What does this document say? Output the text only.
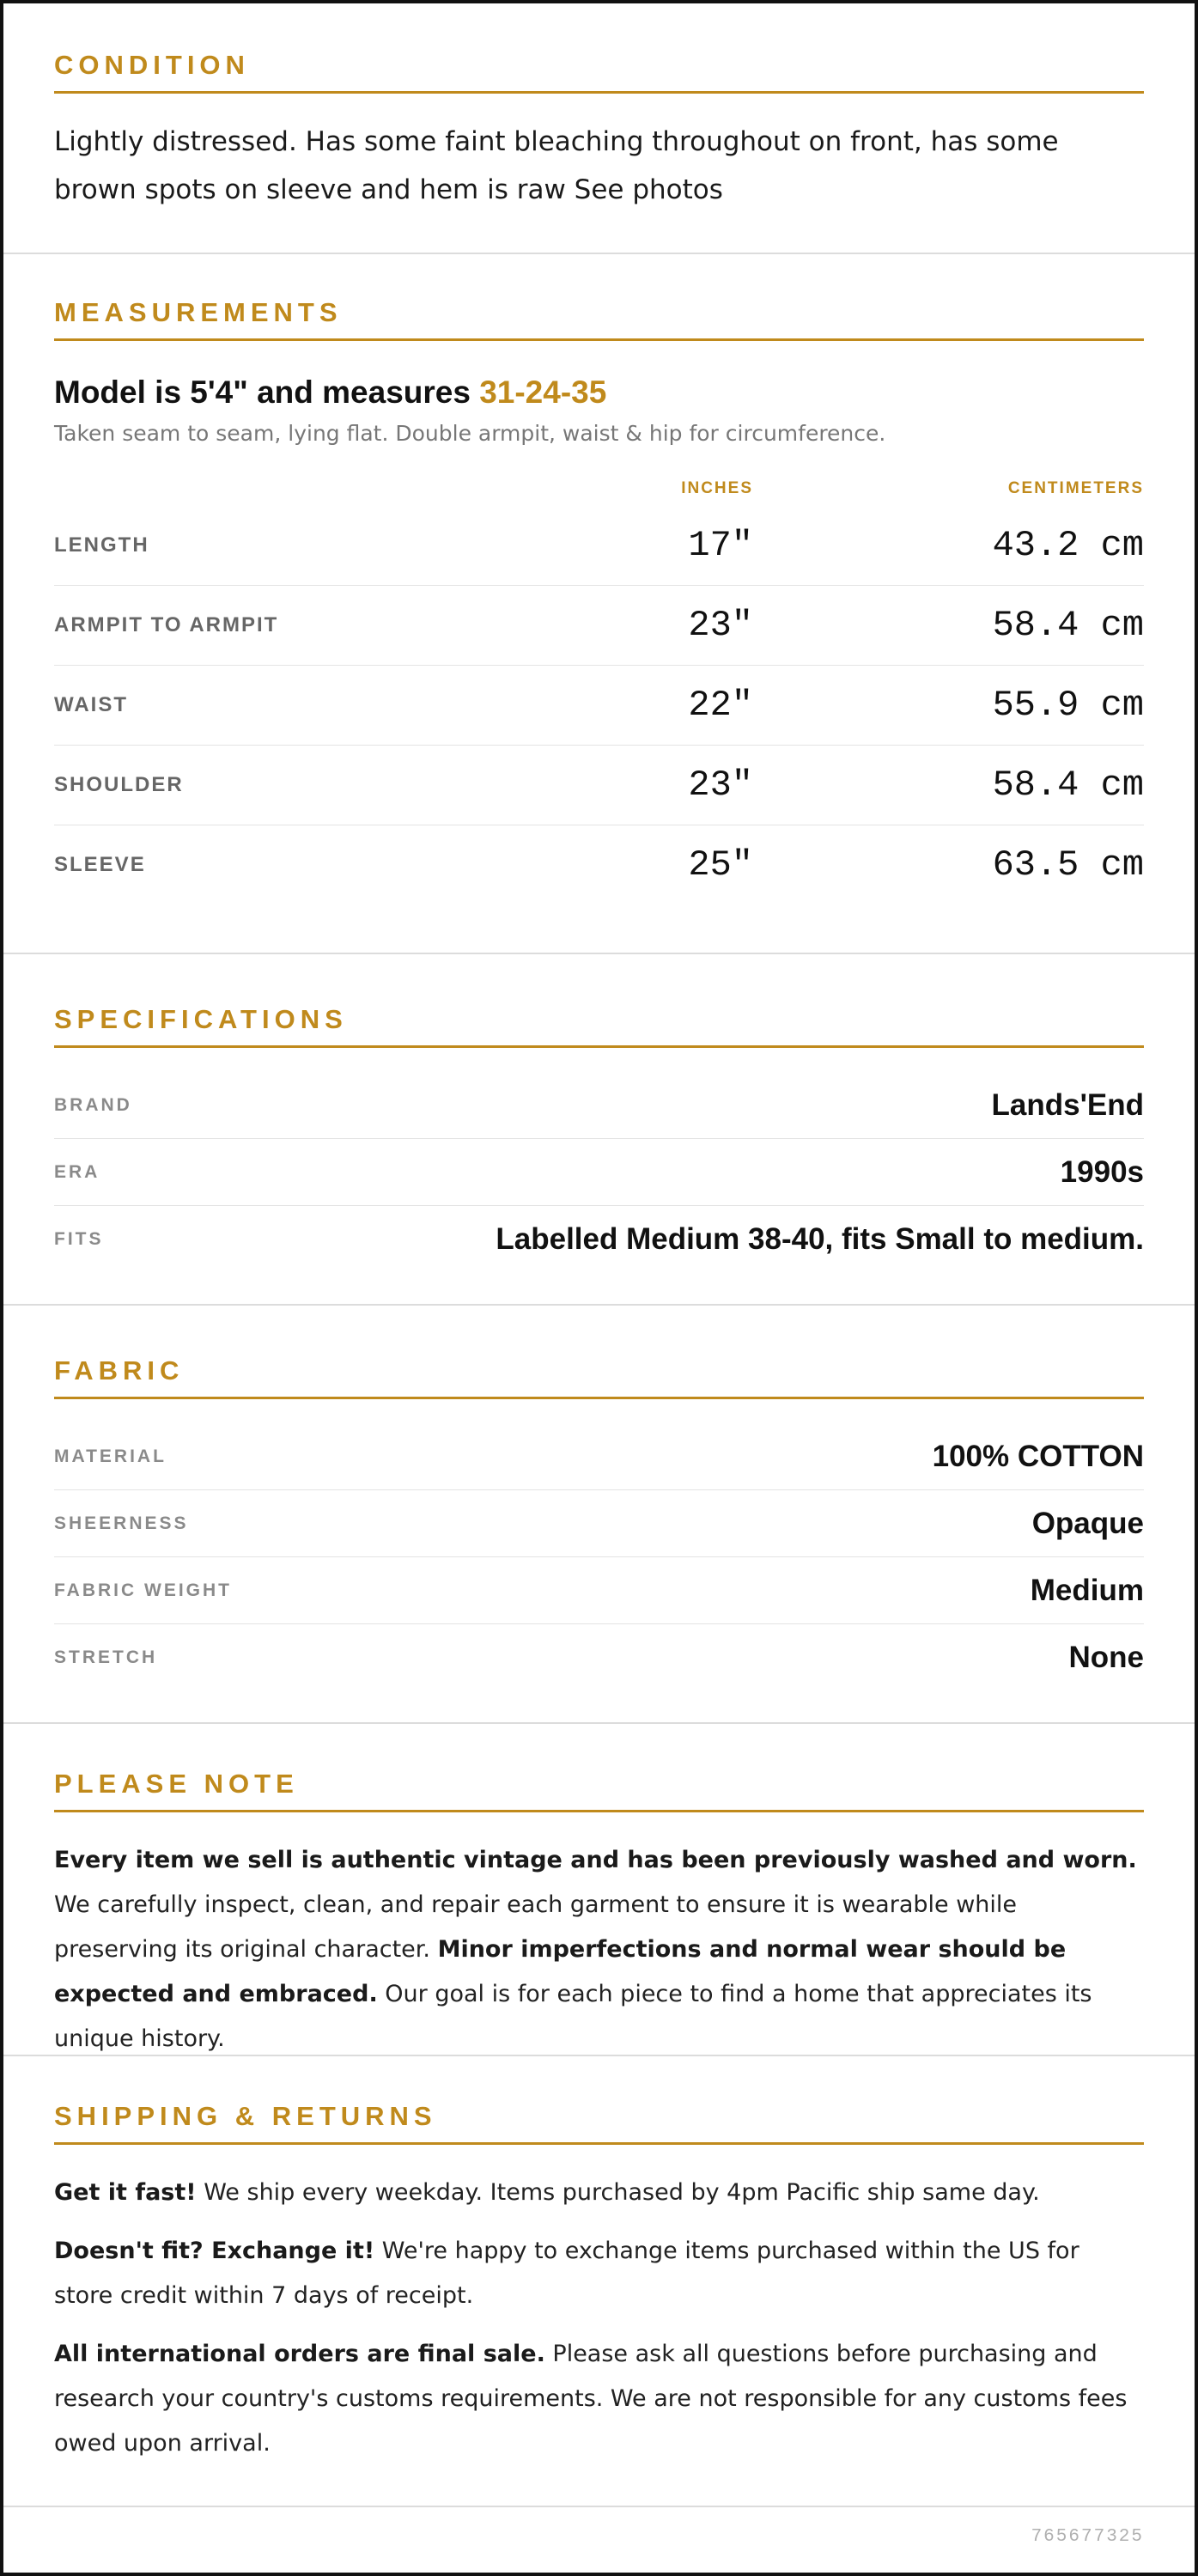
CONDITION

Lightly distressed. Has some faint bleaching throughout on front, has some brown spots on sleeve and hem is raw See photos

MEASUREMENTS
Model is 5'4" and measures 31-24-35
Taken seam to seam, lying flat. Double armpit, waist & hip for circumference.
INCHES	CENTIMETERS
LENGTH	17"	43.2 cm
ARMPIT TO ARMPIT	23"	58.4 cm
WAIST	22"	55.9 cm
SHOULDER	23"	58.4 cm
SLEEVE	25"	63.5 cm
SPECIFICATIONS
BRAND	Lands'End
ERA	1990s
FITS	Labelled Medium 38-40, fits Small to medium.
FABRIC
MATERIAL	100% COTTON
SHEERNESS	Opaque
FABRIC WEIGHT	Medium
STRETCH	None
PLEASE NOTE

Every item we sell is authentic vintage and has been previously washed and worn. We carefully inspect, clean, and repair each garment to ensure it is wearable while preserving its original character. Minor imperfections and normal wear should be expected and embraced. Our goal is for each piece to find a home that appreciates its unique history.

SHIPPING & RETURNS

Get it fast! We ship every weekday. Items purchased by 4pm Pacific ship same day.

Doesn't fit? Exchange it! We're happy to exchange items purchased within the US for store credit within 7 days of receipt.

All international orders are final sale. Please ask all questions before purchasing and research your country's customs requirements. We are not responsible for any customs fees owed upon arrival.

765677325
